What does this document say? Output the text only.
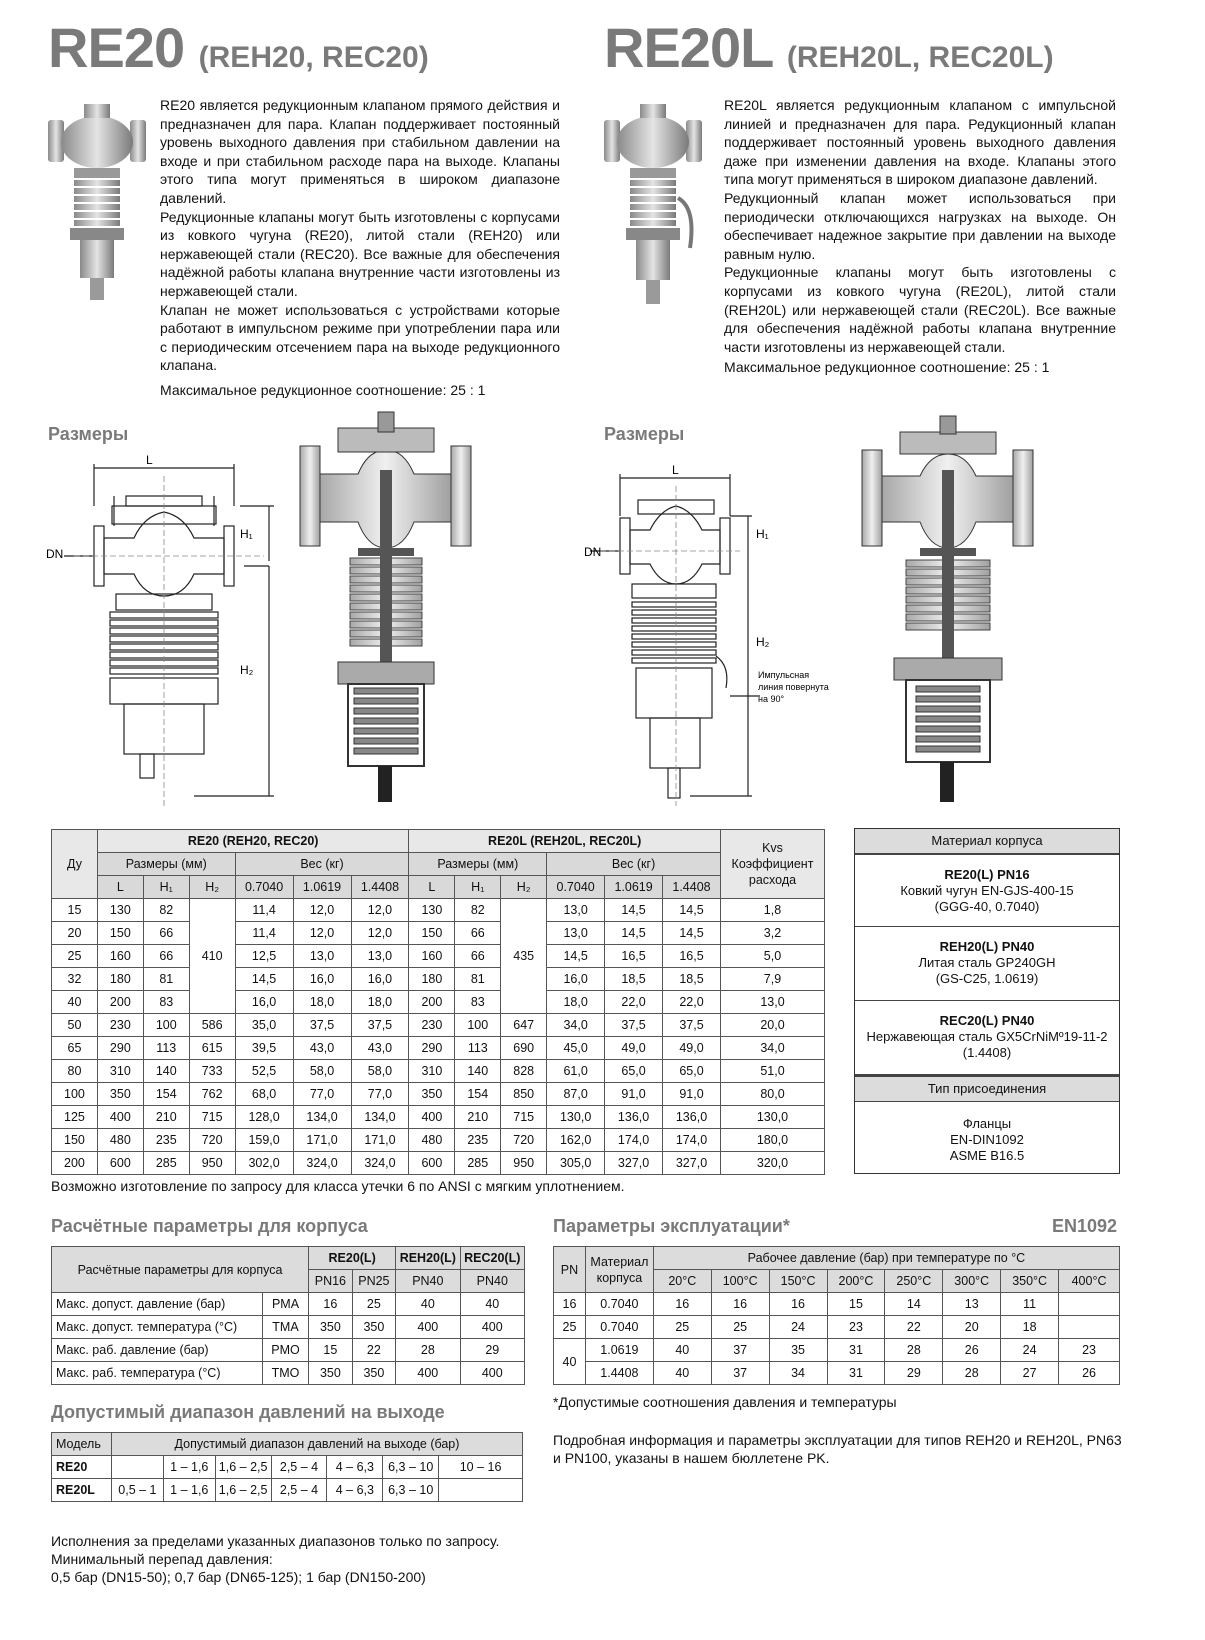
RE20 (REH20, REC20)	RE20L (REH20L, REC20L)

RE20 является редукционным клапаном прямого действия и предназначен для пара. Клапан поддерживает постоянный уровень выходного давления при стабильном давлении на входе и при стабильном расходе пара на выходе. Клапаны этого типа могут применяться в широком диапазоне давлений.

Редукционные клапаны могут быть изготовлены с корпусами из ковкого чугуна (RE20), литой стали (REH20) или нержавеющей стали (REC20). Все важные для обеспечения надёжной работы клапана внутренние части изготовлены из нержавеющей стали.

Клапан не может использоваться с устройствами которые работают в импульсном режиме при употреблении пара или с периодическим отсечением пара на выходе редукционного клапана.

Максимальное редукционное соотношение: 25 : 1

RE20L является редукционным клапаном с импульсной линией и предназначен для пара. Редукционный клапан поддерживает постоянный уровень выходного давления даже при изменении давления на входе. Клапаны этого типа могут применяться в широком диапазоне давлений.

Редукционный клапан может использоваться при периодически отключающихся нагрузках на выходе. Он обеспечивает надежное закрытие при давлении на выходе равным нулю.

Редукционные клапаны могут быть изготовлены с корпусами из ковкого чугуна (RE20L), литой стали (REH20L) или нержавеющей стали (REC20L). Все важные для обеспечения надёжной работы клапана внутренние части изготовлены из нержавеющей стали.

Максимальное редукционное соотношение: 25 : 1

Размеры	Размеры
L
H₁
H₂
DN
L
H₁
H₂
DN
Импульсная
линия повернута
на 90°
Ду	RE20 (REH20, REC20)						RE20L (REH20L, REC20L)						Kvs
Коэффициент
расхода
	Размеры (мм)			Вес (кг)			Размеры (мм)			Вес (кг)			
	L	H₁	H₂	0.7040	1.0619	1.4408	L	H₁	H₂	0.7040	1.0619	1.4408	
15	130	82	410	11,4	12,0	12,0	130	82	435	13,0	14,5	14,5	1,8
20	150	66		11,4	12,0	12,0	150	66		13,0	14,5	14,5	3,2
25	160	66		12,5	13,0	13,0	160	66		14,5	16,5	16,5	5,0
32	180	81		14,5	16,0	16,0	180	81		16,0	18,5	18,5	7,9
40	200	83		16,0	18,0	18,0	200	83		18,0	22,0	22,0	13,0
50	230	100	586	35,0	37,5	37,5	230	100	647	34,0	37,5	37,5	20,0
65	290	113	615	39,5	43,0	43,0	290	113	690	45,0	49,0	49,0	34,0
80	310	140	733	52,5	58,0	58,0	310	140	828	61,0	65,0	65,0	51,0
100	350	154	762	68,0	77,0	77,0	350	154	850	87,0	91,0	91,0	80,0
125	400	210	715	128,0	134,0	134,0	400	210	715	130,0	136,0	136,0	130,0
150	480	235	720	159,0	171,0	171,0	480	235	720	162,0	174,0	174,0	180,0
200	600	285	950	302,0	324,0	324,0	600	285	950	305,0	327,0	327,0	320,0
Возможно изготовление по запросу для класса утечки 6 по ANSI с мягким уплотнением.
Материал корпуса
RE20(L) PN16
Ковкий чугун EN-GJS-400-15
(GGG-40, 0.7040)
REH20(L) PN40
Литая сталь GP240GH
(GS-C25, 1.0619)
REC20(L) PN40
Нержавеющая сталь GX5CrNiMº19-11-2
(1.4408)
Тип присоединения
Фланцы
EN-DIN1092
ASME B16.5
Расчётные параметры для корпуса
Расчётные параметры для корпуса		RE20(L)		REH20(L)	REC20(L)
		PN16	PN25	PN40	PN40
Макс. допуст. давление (бар)	PMA	16	25	40	40
Макс. допуст. температура (°C)	TMA	350	350	400	400
Макс. раб. давление (бар)	PMO	15	22	28	29
Макс. раб. температура (°C)	TMO	350	350	400	400
Допустимый диапазон давлений на выходе
Модель	Допустимый диапазон давлений на выходе (бар)						
RE20		1 – 1,6	1,6 – 2,5	2,5 – 4	4 – 6,3	6,3 – 10	10 – 16
RE20L	0,5 – 1	1 – 1,6	1,6 – 2,5	2,5 – 4	4 – 6,3	6,3 – 10	
Исполнения за пределами указанных диапазонов только по запросу.
Минимальный перепад давления:
0,5 бар (DN15-50); 0,7 бар (DN65-125); 1 бар (DN150-200)
Параметры эксплуатации*	EN1092
PN	Материал
корпуса	Рабочее давление (бар) при температуре по °С							
		20°C	100°C	150°C	200°C	250°C	300°C	350°C	400°C
16	0.7040	16	16	16	15	14	13	11	
25	0.7040	25	25	24	23	22	20	18	
40	1.0619	40	37	35	31	28	26	24	23
	1.4408	40	37	34	31	29	28	27	26
*Допустимые соотношения давления и температуры
Подробная информация и параметры эксплуатации для типов REH20 и REH20L, PN63 и PN100, указаны в нашем бюллетене PK.
